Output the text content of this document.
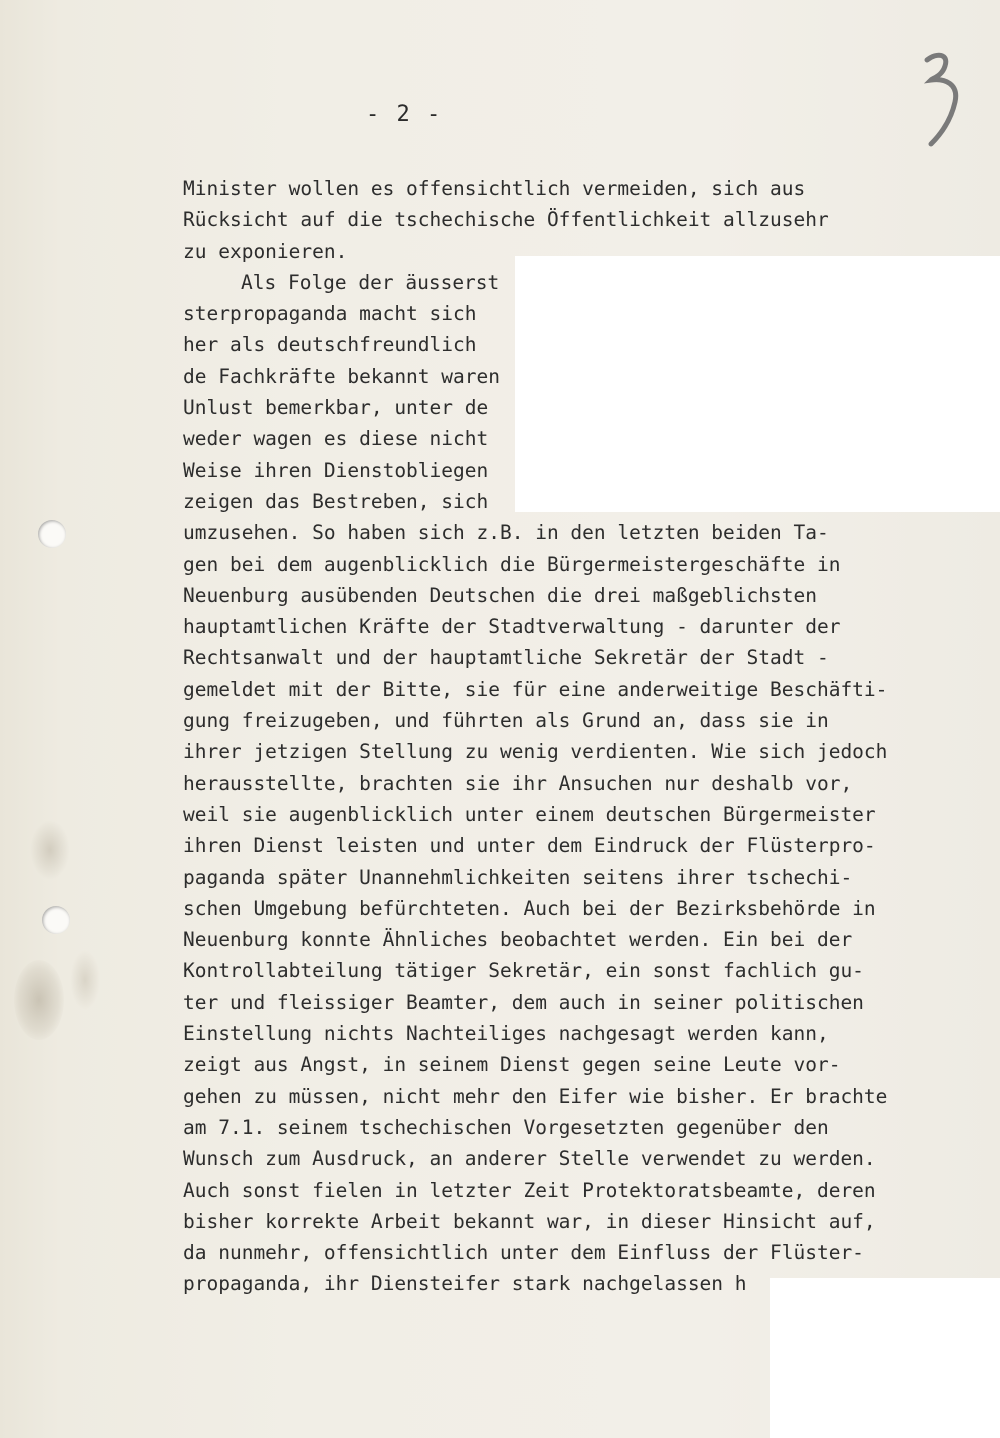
- 2 -
Minister wollen es offensichtlich vermeiden, sich aus
Rücksicht auf die tschechische Öffentlichkeit allzusehr
zu exponieren.
Als Folge der äusserst
sterpropaganda macht sich
her als deutschfreundlich
de Fachkräfte bekannt waren
Unlust bemerkbar, unter de
weder wagen es diese nicht
Weise ihren Dienstobliegen
zeigen das Bestreben, sich
umzusehen. So haben sich z.B. in den letzten beiden Ta-
gen bei dem augenblicklich die Bürgermeistergeschäfte in
Neuenburg ausübenden Deutschen die drei maßgeblichsten
hauptamtlichen Kräfte der Stadtverwaltung - darunter der
Rechtsanwalt und der hauptamtliche Sekretär der Stadt -
gemeldet mit der Bitte, sie für eine anderweitige Beschäfti-
gung freizugeben, und führten als Grund an, dass sie in
ihrer jetzigen Stellung zu wenig verdienten. Wie sich jedoch
herausstellte, brachten sie ihr Ansuchen nur deshalb vor,
weil sie augenblicklich unter einem deutschen Bürgermeister
ihren Dienst leisten und unter dem Eindruck der Flüsterpro-
paganda später Unannehmlichkeiten seitens ihrer tschechi-
schen Umgebung befürchteten. Auch bei der Bezirksbehörde in
Neuenburg konnte Ähnliches beobachtet werden. Ein bei der
Kontrollabteilung tätiger Sekretär, ein sonst fachlich gu-
ter und fleissiger Beamter, dem auch in seiner politischen
Einstellung nichts Nachteiliges nachgesagt werden kann,
zeigt aus Angst, in seinem Dienst gegen seine Leute vor-
gehen zu müssen, nicht mehr den Eifer wie bisher. Er brachte
am 7.1. seinem tschechischen Vorgesetzten gegenüber den
Wunsch zum Ausdruck, an anderer Stelle verwendet zu werden.
Auch sonst fielen in letzter Zeit Protektoratsbeamte, deren
bisher korrekte Arbeit bekannt war, in dieser Hinsicht auf,
da nunmehr, offensichtlich unter dem Einfluss der Flüster-
propaganda, ihr Diensteifer stark nachgelassen h
